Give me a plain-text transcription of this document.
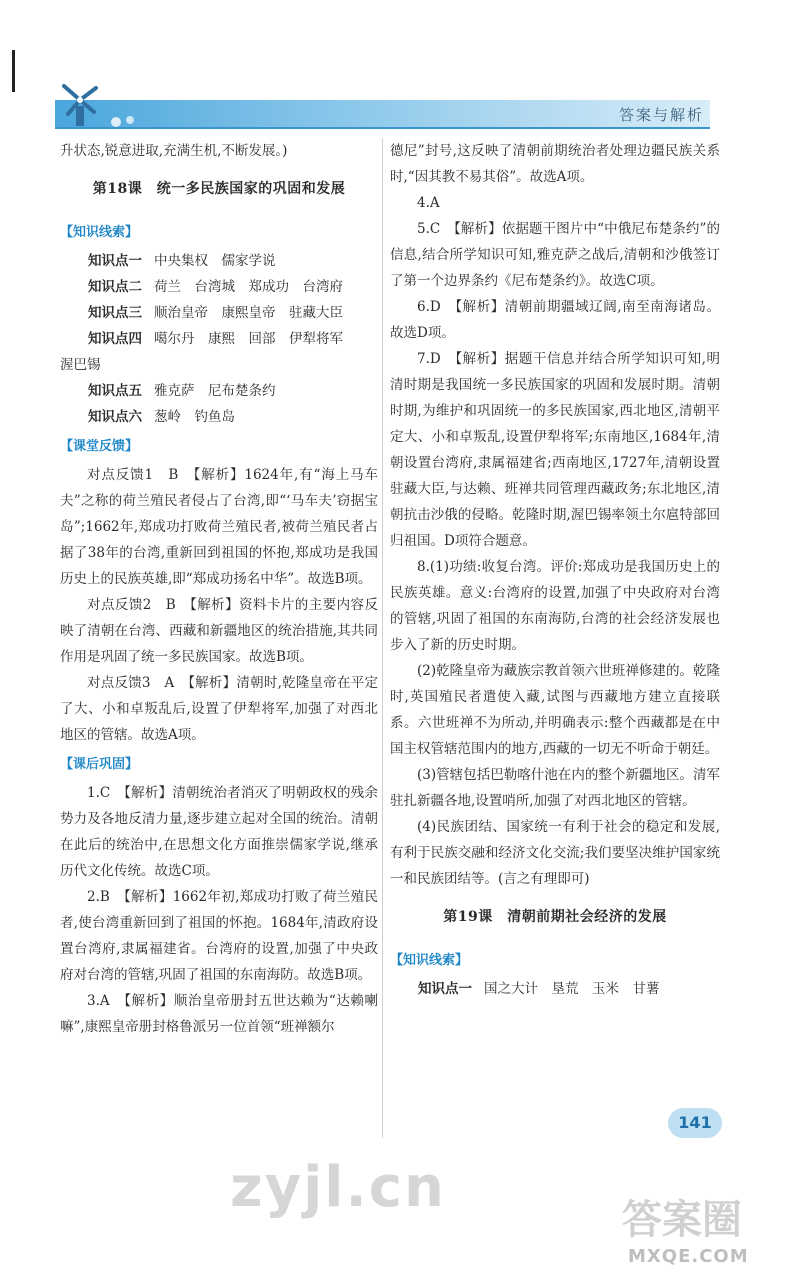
答案与解析

升状态,锐意进取,充满生机,不断发展。)

第18课　统一多民族国家的巩固和发展

【知识线索】

知识点一 中央集权　儒家学说

知识点二 荷兰　台湾城　郑成功　台湾府

知识点三 顺治皇帝　康熙皇帝　驻藏大臣

知识点四 噶尔丹　康熙　回部　伊犁将军

渥巴锡

知识点五 雅克萨　尼布楚条约

知识点六 葱岭　钓鱼岛

【课堂反馈】

对点反馈1　B　【解析】1624年,有“海上马车夫”之称的荷兰殖民者侵占了台湾,即“‘马车夫’窃据宝岛”;1662年,郑成功打败荷兰殖民者,被荷兰殖民者占据了38年的台湾,重新回到祖国的怀抱,郑成功是我国历史上的民族英雄,即“郑成功扬名中华”。故选B项。

对点反馈2　B　【解析】资料卡片的主要内容反映了清朝在台湾、西藏和新疆地区的统治措施,其共同作用是巩固了统一多民族国家。故选B项。

对点反馈3　A　【解析】清朝时,乾隆皇帝在平定了大、小和卓叛乱后,设置了伊犁将军,加强了对西北地区的管辖。故选A项。

【课后巩固】

1.C　【解析】清朝统治者消灭了明朝政权的残余势力及各地反清力量,逐步建立起对全国的统治。清朝在此后的统治中,在思想文化方面推崇儒家学说,继承历代文化传统。故选C项。

2.B　【解析】1662年初,郑成功打败了荷兰殖民者,使台湾重新回到了祖国的怀抱。1684年,清政府设置台湾府,隶属福建省。台湾府的设置,加强了中央政府对台湾的管辖,巩固了祖国的东南海防。故选B项。

3.A　【解析】顺治皇帝册封五世达赖为“达赖喇嘛”,康熙皇帝册封格鲁派另一位首领“班禅额尔

德尼”封号,这反映了清朝前期统治者处理边疆民族关系时,“因其教不易其俗”。故选A项。

4.A

5.C　【解析】依据题干图片中“中俄尼布楚条约”的信息,结合所学知识可知,雅克萨之战后,清朝和沙俄签订了第一个边界条约《尼布楚条约》。故选C项。

6.D　【解析】清朝前期疆域辽阔,南至南海诸岛。故选D项。

7.D　【解析】据题干信息并结合所学知识可知,明清时期是我国统一多民族国家的巩固和发展时期。清朝时期,为维护和巩固统一的多民族国家,西北地区,清朝平定大、小和卓叛乱,设置伊犁将军;东南地区,1684年,清朝设置台湾府,隶属福建省;西南地区,1727年,清朝设置驻藏大臣,与达赖、班禅共同管理西藏政务;东北地区,清朝抗击沙俄的侵略。乾隆时期,渥巴锡率领土尔扈特部回归祖国。D项符合题意。

8.(1)功绩:收复台湾。评价:郑成功是我国历史上的民族英雄。意义:台湾府的设置,加强了中央政府对台湾的管辖,巩固了祖国的东南海防,台湾的社会经济发展也步入了新的历史时期。

(2)乾隆皇帝为藏族宗教首领六世班禅修建的。乾隆时,英国殖民者遣使入藏,试图与西藏地方建立直接联系。六世班禅不为所动,并明确表示:整个西藏都是在中国主权管辖范围内的地方,西藏的一切无不听命于朝廷。

(3)管辖包括巴勒喀什池在内的整个新疆地区。清军驻扎新疆各地,设置哨所,加强了对西北地区的管辖。

(4)民族团结、国家统一有利于社会的稳定和发展,有利于民族交融和经济文化交流;我们要坚决维护国家统一和民族团结等。(言之有理即可)

第19课　清朝前期社会经济的发展

【知识线索】

知识点一 国之大计　垦荒　玉米　甘薯

141
zyjl.cn	答案圈
MXQE.COM
